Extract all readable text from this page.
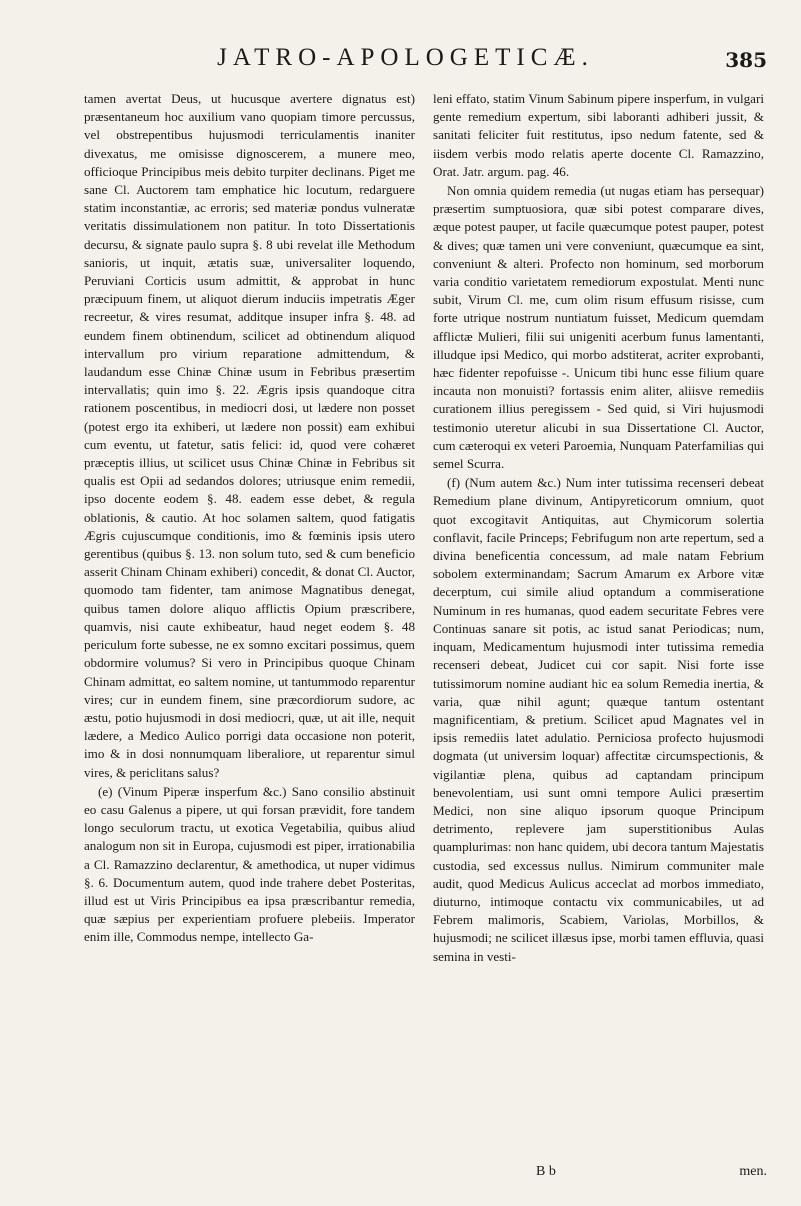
JATRO-APOLOGETICÆ.	385

tamen avertat Deus, ut hucusque avertere dignatus est) præsentaneum hoc auxilium vano quopiam timore percussus, vel obstrepentibus hujusmodi terriculamentis inaniter divexatus, me omisisse dignoscerem, a munere meo, officioque Principibus meis debito turpiter declinans. Piget me sane Cl. Auctorem tam emphatice hic locutum, redarguere statim inconstantiæ, ac erroris; sed materiæ pondus vulneratæ veritatis dissimulationem non patitur. In toto Dissertationis decursu, & signate paulo supra §. 8 ubi revelat ille Methodum sanioris, ut inquit, ætatis suæ, universaliter loquendo, Peruviani Corticis usum admittit, & approbat in hunc præcipuum finem, ut aliquot dierum induciis impetratis Æger recreetur, & vires resumat, additque insuper infra §. 48. ad eundem finem obtinendum, scilicet ad obtinendum aliquod intervallum pro virium reparatione admittendum, & laudandum esse Chinæ Chinæ usum in Febribus præsertim intervallatis; quin imo §. 22. Ægris ipsis quandoque citra rationem poscentibus, in mediocri dosi, ut lædere non posset (potest ergo ita exhiberi, ut lædere non possit) eam exhibui cum eventu, ut fatetur, satis felici: id, quod vere cohæret præceptis illius, ut scilicet usus Chinæ Chinæ in Febribus sit qualis est Opii ad sedandos dolores; utriusque enim remedii, ipso docente eodem §. 48. eadem esse debet, & regula oblationis, & cautio. At hoc solamen saltem, quod fatigatis Ægris cujuscumque conditionis, imo & fœminis ipsis utero gerentibus (quibus §. 13. non solum tuto, sed & cum beneficio asserit Chinam Chinam exhiberi) concedit, & donat Cl. Auctor, quomodo tam fidenter, tam animose Magnatibus denegat, quibus tamen dolore aliquo afflictis Opium præscribere, quamvis, nisi caute exhibeatur, haud neget eodem §. 48 periculum forte subesse, ne ex somno excitari possimus, quem obdormire volumus? Si vero in Principibus quoque Chinam Chinam admittat, eo saltem nomine, ut tantummodo reparentur vires; cur in eundem finem, sine præcordiorum sudore, ac æstu, potio hujusmodi in dosi mediocri, quæ, ut ait ille, nequit lædere, a Medico Aulico porrigi data occasione non poterit, imo & in dosi nonnumquam liberaliore, ut reparentur simul vires, & periclitans salus?

(e) (Vinum Piperæ insperfum &c.) Sano consilio abstinuit eo casu Galenus a pipere, ut qui forsan prævidit, fore tandem longo seculorum tractu, ut exotica Vegetabilia, quibus aliud analogum non sit in Europa, cujusmodi est piper, irrationabilia a Cl. Ramazzino declarentur, & amethodica, ut nuper vidimus §. 6. Documentum autem, quod inde trahere debet Posteritas, illud est ut Viris Principibus ea ipsa præscribantur remedia, quæ sæpius per experientiam profuere plebeiis. Imperator enim ille, Commodus nempe, intellecto Ga-

leni effato, statim Vinum Sabinum pipere insperfum, in vulgari gente remedium expertum, sibi laboranti adhiberi jussit, & sanitati feliciter fuit restitutus, ipso nedum fatente, sed & iisdem verbis modo relatis aperte docente Cl. Ramazzino, Orat. Jatr. argum. pag. 46.

Non omnia quidem remedia (ut nugas etiam has persequar) præsertim sumptuosiora, quæ sibi potest comparare dives, æque potest pauper, ut facile quæcumque potest pauper, potest & dives; quæ tamen uni vere conveniunt, quæcumque ea sint, conveniunt & alteri. Profecto non hominum, sed morborum varia conditio varietatem remediorum expostulat. Menti nunc subit, Virum Cl. me, cum olim risum effusum risisse, cum forte utrique nostrum nuntiatum fuisset, Medicum quemdam afflictæ Mulieri, filii sui unigeniti acerbum funus lamentanti, illudque ipsi Medico, qui morbo adstiterat, acriter exprobanti, hæc fidenter repofuisse -. Unicum tibi hunc esse filium quare incauta non monuisti? fortassis enim aliter, aliisve remediis curationem illius peregissem - Sed quid, si Viri hujusmodi testimonio uteretur alicubi in sua Dissertatione Cl. Auctor, cum cæteroqui ex veteri Paroemia, Nunquam Paterfamilias qui semel Scurra.

(f) (Num autem &c.) Num inter tutissima recenseri debeat Remedium plane divinum, Antipyreticorum omnium, quot quot excogitavit Antiquitas, aut Chymicorum solertia conflavit, facile Princeps; Febrifugum non arte repertum, sed a divina beneficentia concessum, ad male natam Febrium sobolem exterminandam; Sacrum Amarum ex Arbore vitæ decerptum, cui simile aliud optandum a commiseratione Numinum in res humanas, quod eadem securitate Febres vere Continuas sanare sit potis, ac istud sanat Periodicas; num, inquam, Medicamentum hujusmodi inter tutissima remedia recenseri debeat, Judicet cui cor sapit. Nisi forte isse tutissimorum nomine audiant hic ea solum Remedia inertia, & varia, quæ nihil agunt; quæque tantum ostentant magnificentiam, & pretium. Scilicet apud Magnates vel in ipsis remediis latet adulatio. Perniciosa profecto hujusmodi dogmata (ut universim loquar) affectitæ circumspectionis, & vigilantiæ plena, quibus ad captandam principum benevolentiam, usi sunt omni tempore Aulici præsertim Medici, non sine aliquo ipsorum quoque Principum detrimento, replevere jam superstitionibus Aulas quamplurimas: non hanc quidem, ubi decora tantum Majestatis custodia, sed excessus nullus. Nimirum communiter male audit, quod Medicus Aulicus acceclat ad morbos immediato, diuturno, intimoque contactu vix communicabiles, ut ad Febrem malimoris, Scabiem, Variolas, Morbillos, & hujusmodi; ne scilicet illæsus ipse, morbi tamen effluvia, quasi semina in vesti-

B b	men.
